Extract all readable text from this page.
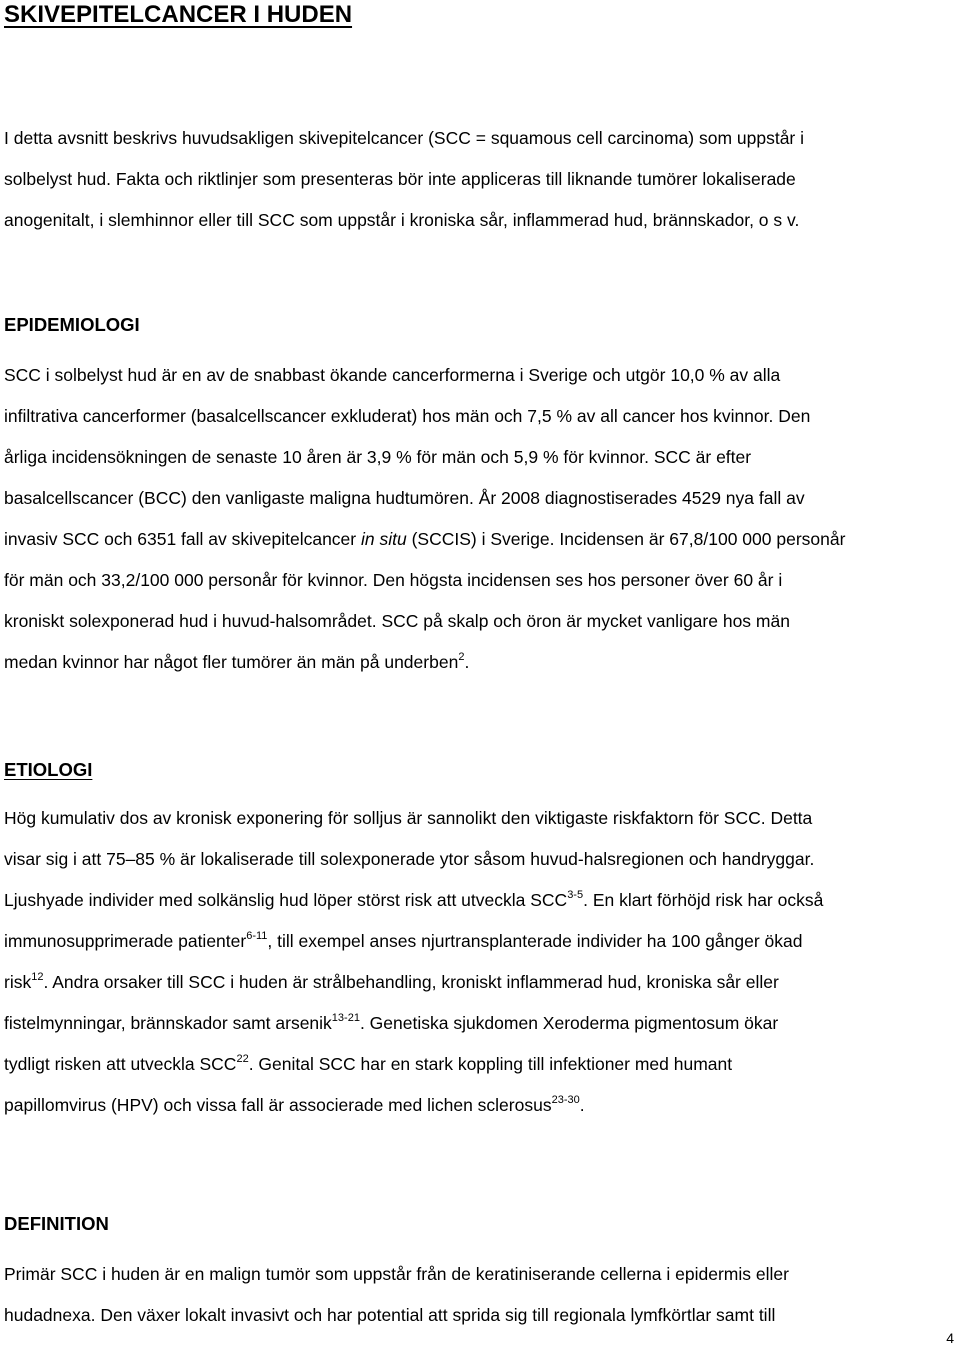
SKIVEPITELCANCER I HUDEN
I detta avsnitt beskrivs huvudsakligen skivepitelcancer (SCC = squamous cell carcinoma) som uppstår i
solbelyst hud. Fakta och riktlinjer som presenteras bör inte appliceras till liknande tumörer lokaliserade
anogenitalt, i slemhinnor eller till SCC som uppstår i kroniska sår, inflammerad hud, brännskador, o s v.
EPIDEMIOLOGI
SCC i solbelyst hud är en av de snabbast ökande cancerformerna i Sverige och utgör 10,0 % av alla
infiltrativa cancerformer (basalcellscancer exkluderat) hos män och 7,5 % av all cancer hos kvinnor. Den
årliga incidensökningen de senaste 10 åren är 3,9 % för män och 5,9 % för kvinnor. SCC är efter
basalcellscancer (BCC) den vanligaste maligna hudtumören. År 2008 diagnostiserades 4529 nya fall av
invasiv SCC och 6351 fall av skivepitelcancer in situ (SCCIS) i Sverige. Incidensen är 67,8/100 000 personår
för män och 33,2/100 000 personår för kvinnor. Den högsta incidensen ses hos personer över 60 år i
kroniskt solexponerad hud i huvud-halsområdet. SCC på skalp och öron är mycket vanligare hos män
medan kvinnor har något fler tumörer än män på underben$^2$.
ETIOLOGI
Hög kumulativ dos av kronisk exponering för solljus är sannolikt den viktigaste riskfaktorn för SCC. Detta
visar sig i att 75–85 % är lokaliserade till solexponerade ytor såsom huvud-halsregionen och handryggar.
Ljushyade individer med solkänslig hud löper störst risk att utveckla SCC$^{3-5}$. En klart förhöjd risk har också
immunosupprimerade patienter$^{6-11}$, till exempel anses njurtransplanterade individer ha 100 gånger ökad
risk$^{12}$. Andra orsaker till SCC i huden är strålbehandling, kroniskt inflammerad hud, kroniska sår eller
fistelmynningar, brännskador samt arsenik$^{13-21}$. Genetiska sjukdomen Xeroderma pigmentosum ökar
tydligt risken att utveckla SCC$^{22}$. Genital SCC har en stark koppling till infektioner med humant
papillomvirus (HPV) och vissa fall är associerade med lichen sclerosus$^{23-30}$.
DEFINITION
Primär SCC i huden är en malign tumör som uppstår från de keratiniserande cellerna i epidermis eller
hudadnexa. Den växer lokalt invasivt och har potential att sprida sig till regionala lymfkörtlar samt till
4
